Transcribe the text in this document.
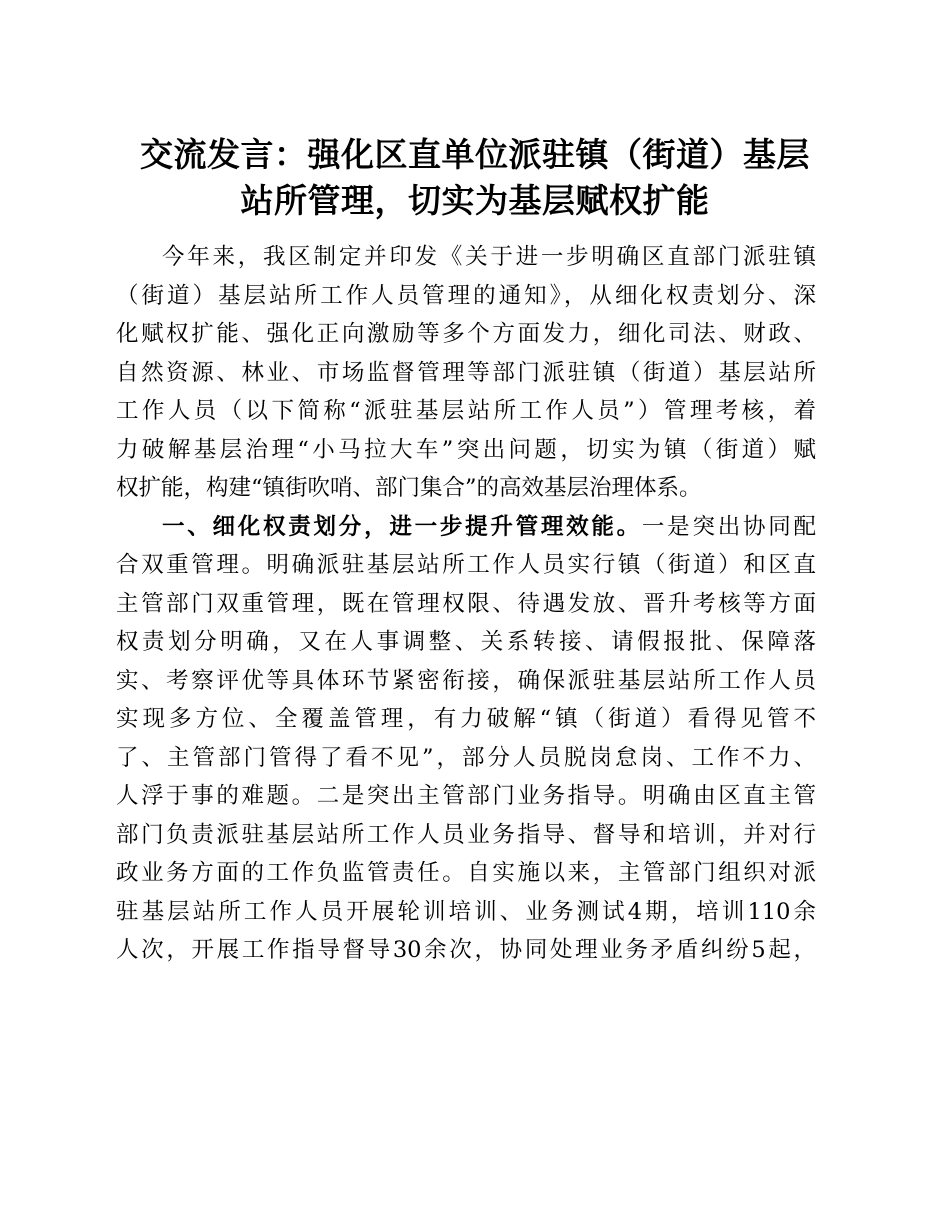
交流发言：强化区直单位派驻镇（街道）基层
站所管理，切实为基层赋权扩能
今年来，我区制定并印发《关于进一步明确区直部门派驻镇
（街道）基层站所工作人员管理的通知》，从细化权责划分、深
化赋权扩能、强化正向激励等多个方面发力，细化司法、财政、
自然资源、林业、市场监督管理等部门派驻镇（街道）基层站所
工作人员（以下简称“派驻基层站所工作人员”）管理考核，着
力破解基层治理“小马拉大车”突出问题，切实为镇（街道）赋
权扩能，构建“镇街吹哨、部门集合”的高效基层治理体系。
一、细化权责划分，进一步提升管理效能。一是突出协同配
合双重管理。明确派驻基层站所工作人员实行镇（街道）和区直
主管部门双重管理，既在管理权限、待遇发放、晋升考核等方面
权责划分明确，又在人事调整、关系转接、请假报批、保障落
实、考察评优等具体环节紧密衔接，确保派驻基层站所工作人员
实现多方位、全覆盖管理，有力破解“镇（街道）看得见管不
了、主管部门管得了看不见”，部分人员脱岗怠岗、工作不力、
人浮于事的难题。二是突出主管部门业务指导。明确由区直主管
部门负责派驻基层站所工作人员业务指导、督导和培训，并对行
政业务方面的工作负监管责任。自实施以来，主管部门组织对派
驻基层站所工作人员开展轮训培训、业务测试4期，培训110余
人次，开展工作指导督导30余次，协同处理业务矛盾纠纷5起，
